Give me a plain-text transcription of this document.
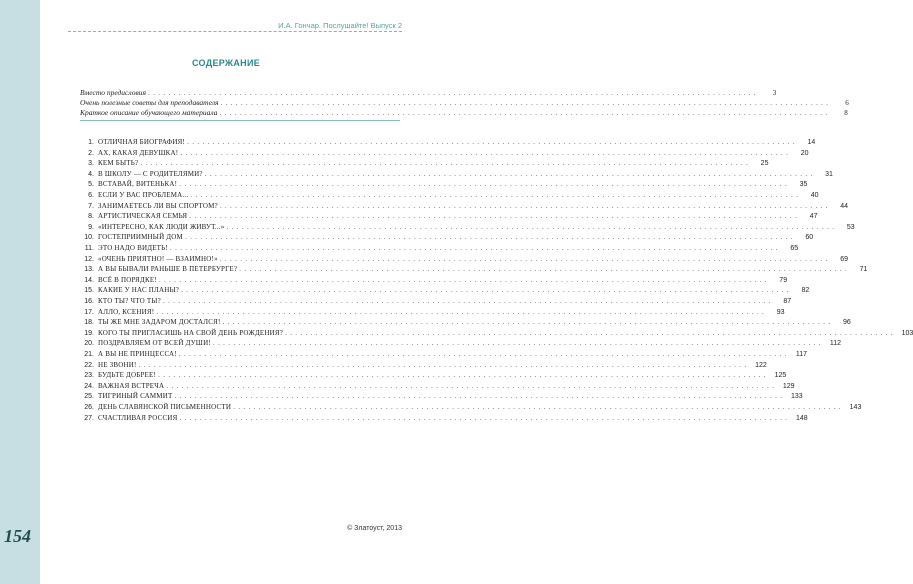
И.А. Гончар. Послушайте! Выпуск 2
СОДЕРЖАНИЕ
Вместо предисловия . . . . . . . . . . . . . . . . . . . . . . . . . . . . . . . . . . . . . . . . . . . . . . . . . . . . . . . . . . . . . . . . . . . . . . . . . . . . . . . . . . . . . . . . . . . . . . . . . . . . . . . . . . . . . . . . . . . . . . . .	3
Очень полезные советы для преподавателя . . . . . . . . . . . . . . . . . . . . . . . . . . . . . . . . . . . . . . . . . . . . . . . . . . . . . . . . . . . . . . . . . . . . . . . . . . . . . . . . . . . . . . . . . . . . . . . . . . . . . . . . . . . . . . . . . . . . . . . .	6
Краткое описание обучающего материала . . . . . . . . . . . . . . . . . . . . . . . . . . . . . . . . . . . . . . . . . . . . . . . . . . . . . . . . . . . . . . . . . . . . . . . . . . . . . . . . . . . . . . . . . . . . . . . . . . . . . . . . . . . . . . . . . . . . . . . .	8
1. ОТЛИЧНАЯ БИОГРАФИЯ! . . . . . . . . . . . . . . . . . . . . . . . . . . . . . . . . . . . . . . . . . . . . . . . . . . . . . . . . . . . . . . . . . . . . . . . . . . . . . . . . . . . . . . . . . . . . . . . . . . . . . . . . . . . . . . . . . . . . . . . .	14
2. АХ, КАКАЯ ДЕВУШКА! . . . . . . . . . . . . . . . . . . . . . . . . . . . . . . . . . . . . . . . . . . . . . . . . . . . . . . . . . . . . . . . . . . . . . . . . . . . . . . . . . . . . . . . . . . . . . . . . . . . . . . . . . . . . . . . . . . . . . . . .	20
3. КЕМ БЫТЬ? . . . . . . . . . . . . . . . . . . . . . . . . . . . . . . . . . . . . . . . . . . . . . . . . . . . . . . . . . . . . . . . . . . . . . . . . . . . . . . . . . . . . . . . . . . . . . . . . . . . . . . . . . . . . . . . . . . . . . . . .	25
4. В ШКОЛУ — С РОДИТЕЛЯМИ? . . . . . . . . . . . . . . . . . . . . . . . . . . . . . . . . . . . . . . . . . . . . . . . . . . . . . . . . . . . . . . . . . . . . . . . . . . . . . . . . . . . . . . . . . . . . . . . . . . . . . . . . . . . . . . . . . . . . . . . .	31
5. ВСТАВАЙ, ВИТЕНЬКА! . . . . . . . . . . . . . . . . . . . . . . . . . . . . . . . . . . . . . . . . . . . . . . . . . . . . . . . . . . . . . . . . . . . . . . . . . . . . . . . . . . . . . . . . . . . . . . . . . . . . . . . . . . . . . . . . . . . . . . . .	35
6. ЕСЛИ У ВАС ПРОБЛЕМА... . . . . . . . . . . . . . . . . . . . . . . . . . . . . . . . . . . . . . . . . . . . . . . . . . . . . . . . . . . . . . . . . . . . . . . . . . . . . . . . . . . . . . . . . . . . . . . . . . . . . . . . . . . . . . . . . . . . . . . . .	40
7. ЗАНИМАЕТЕСЬ ЛИ ВЫ СПОРТОМ? . . . . . . . . . . . . . . . . . . . . . . . . . . . . . . . . . . . . . . . . . . . . . . . . . . . . . . . . . . . . . . . . . . . . . . . . . . . . . . . . . . . . . . . . . . . . . . . . . . . . . . . . . . . . . . . . . . . . . . . .	44
8. АРТИСТИЧЕСКАЯ СЕМЬЯ . . . . . . . . . . . . . . . . . . . . . . . . . . . . . . . . . . . . . . . . . . . . . . . . . . . . . . . . . . . . . . . . . . . . . . . . . . . . . . . . . . . . . . . . . . . . . . . . . . . . . . . . . . . . . . . . . . . . . . . .	47
9. «ИНТЕРЕСНО, КАК ЛЮДИ ЖИВУТ...» . . . . . . . . . . . . . . . . . . . . . . . . . . . . . . . . . . . . . . . . . . . . . . . . . . . . . . . . . . . . . . . . . . . . . . . . . . . . . . . . . . . . . . . . . . . . . . . . . . . . . . . . . . . . . . . . . . . . . . . .	53
10. ГОСТЕПРИИМНЫЙ ДОМ . . . . . . . . . . . . . . . . . . . . . . . . . . . . . . . . . . . . . . . . . . . . . . . . . . . . . . . . . . . . . . . . . . . . . . . . . . . . . . . . . . . . . . . . . . . . . . . . . . . . . . . . . . . . . . . . . . . . . . . .	60
11. ЭТО НАДО ВИДЕТЬ! . . . . . . . . . . . . . . . . . . . . . . . . . . . . . . . . . . . . . . . . . . . . . . . . . . . . . . . . . . . . . . . . . . . . . . . . . . . . . . . . . . . . . . . . . . . . . . . . . . . . . . . . . . . . . . . . . . . . . . . .	65
12. «ОЧЕНЬ ПРИЯТНО! — ВЗАИМНО!» . . . . . . . . . . . . . . . . . . . . . . . . . . . . . . . . . . . . . . . . . . . . . . . . . . . . . . . . . . . . . . . . . . . . . . . . . . . . . . . . . . . . . . . . . . . . . . . . . . . . . . . . . . . . . . . . . . . . . . . .	69
13. А ВЫ БЫВАЛИ РАНЬШЕ В ПЕТЕРБУРГЕ? . . . . . . . . . . . . . . . . . . . . . . . . . . . . . . . . . . . . . . . . . . . . . . . . . . . . . . . . . . . . . . . . . . . . . . . . . . . . . . . . . . . . . . . . . . . . . . . . . . . . . . . . . . . . . . . . . . . . . . . .	71
14. ВСЁ В ПОРЯДКЕ! . . . . . . . . . . . . . . . . . . . . . . . . . . . . . . . . . . . . . . . . . . . . . . . . . . . . . . . . . . . . . . . . . . . . . . . . . . . . . . . . . . . . . . . . . . . . . . . . . . . . . . . . . . . . . . . . . . . . . . . .	79
15. КАКИЕ У НАС ПЛАНЫ? . . . . . . . . . . . . . . . . . . . . . . . . . . . . . . . . . . . . . . . . . . . . . . . . . . . . . . . . . . . . . . . . . . . . . . . . . . . . . . . . . . . . . . . . . . . . . . . . . . . . . . . . . . . . . . . . . . . . . . . .	82
16. КТО ТЫ? ЧТО ТЫ? . . . . . . . . . . . . . . . . . . . . . . . . . . . . . . . . . . . . . . . . . . . . . . . . . . . . . . . . . . . . . . . . . . . . . . . . . . . . . . . . . . . . . . . . . . . . . . . . . . . . . . . . . . . . . . . . . . . . . . . .	87
17. АЛЛО, КСЕНИЯ! . . . . . . . . . . . . . . . . . . . . . . . . . . . . . . . . . . . . . . . . . . . . . . . . . . . . . . . . . . . . . . . . . . . . . . . . . . . . . . . . . . . . . . . . . . . . . . . . . . . . . . . . . . . . . . . . . . . . . . . .	93
18. ТЫ ЖЕ МНЕ ЗАДАРОМ ДОСТАЛСЯ! . . . . . . . . . . . . . . . . . . . . . . . . . . . . . . . . . . . . . . . . . . . . . . . . . . . . . . . . . . . . . . . . . . . . . . . . . . . . . . . . . . . . . . . . . . . . . . . . . . . . . . . . . . . . . . . . . . . . . . . .	96
19. КОГО ТЫ ПРИГЛАСИШЬ НА СВОЙ ДЕНЬ РОЖДЕНИЯ? . . . . . . . . . . . . . . . . . . . . . . . . . . . . . . . . . . . . . . . . . . . . . . . . . . . . . . . . . . . . . . . . . . . . . . . . . . . . . . . . . . . . . . . . . . . . . . . . . . . . . . . . . . . . . . . . . . . . . . . .	103
20. ПОЗДРАВЛЯЕМ ОТ ВСЕЙ ДУШИ! . . . . . . . . . . . . . . . . . . . . . . . . . . . . . . . . . . . . . . . . . . . . . . . . . . . . . . . . . . . . . . . . . . . . . . . . . . . . . . . . . . . . . . . . . . . . . . . . . . . . . . . . . . . . . . . . . . . . . . . .	112
21. А ВЫ НЕ ПРИНЦЕССА! . . . . . . . . . . . . . . . . . . . . . . . . . . . . . . . . . . . . . . . . . . . . . . . . . . . . . . . . . . . . . . . . . . . . . . . . . . . . . . . . . . . . . . . . . . . . . . . . . . . . . . . . . . . . . . . . . . . . . . . .	117
22. НЕ ЗВОНИ! . . . . . . . . . . . . . . . . . . . . . . . . . . . . . . . . . . . . . . . . . . . . . . . . . . . . . . . . . . . . . . . . . . . . . . . . . . . . . . . . . . . . . . . . . . . . . . . . . . . . . . . . . . . . . . . . . . . . . . . .	122
23. БУДЬТЕ ДОБРЕЕ! . . . . . . . . . . . . . . . . . . . . . . . . . . . . . . . . . . . . . . . . . . . . . . . . . . . . . . . . . . . . . . . . . . . . . . . . . . . . . . . . . . . . . . . . . . . . . . . . . . . . . . . . . . . . . . . . . . . . . . . .	125
24. ВАЖНАЯ ВСТРЕЧА . . . . . . . . . . . . . . . . . . . . . . . . . . . . . . . . . . . . . . . . . . . . . . . . . . . . . . . . . . . . . . . . . . . . . . . . . . . . . . . . . . . . . . . . . . . . . . . . . . . . . . . . . . . . . . . . . . . . . . . .	129
25. ТИГРИНЫЙ САММИТ . . . . . . . . . . . . . . . . . . . . . . . . . . . . . . . . . . . . . . . . . . . . . . . . . . . . . . . . . . . . . . . . . . . . . . . . . . . . . . . . . . . . . . . . . . . . . . . . . . . . . . . . . . . . . . . . . . . . . . . .	133
26. ДЕНЬ СЛАВЯНСКОЙ ПИСЬМЕННОСТИ . . . . . . . . . . . . . . . . . . . . . . . . . . . . . . . . . . . . . . . . . . . . . . . . . . . . . . . . . . . . . . . . . . . . . . . . . . . . . . . . . . . . . . . . . . . . . . . . . . . . . . . . . . . . . . . . . . . . . . . .	143
27. СЧАСТЛИВАЯ РОССИЯ . . . . . . . . . . . . . . . . . . . . . . . . . . . . . . . . . . . . . . . . . . . . . . . . . . . . . . . . . . . . . . . . . . . . . . . . . . . . . . . . . . . . . . . . . . . . . . . . . . . . . . . . . . . . . . . . . . . . . . . .	148
154	© Златоуст, 2013
